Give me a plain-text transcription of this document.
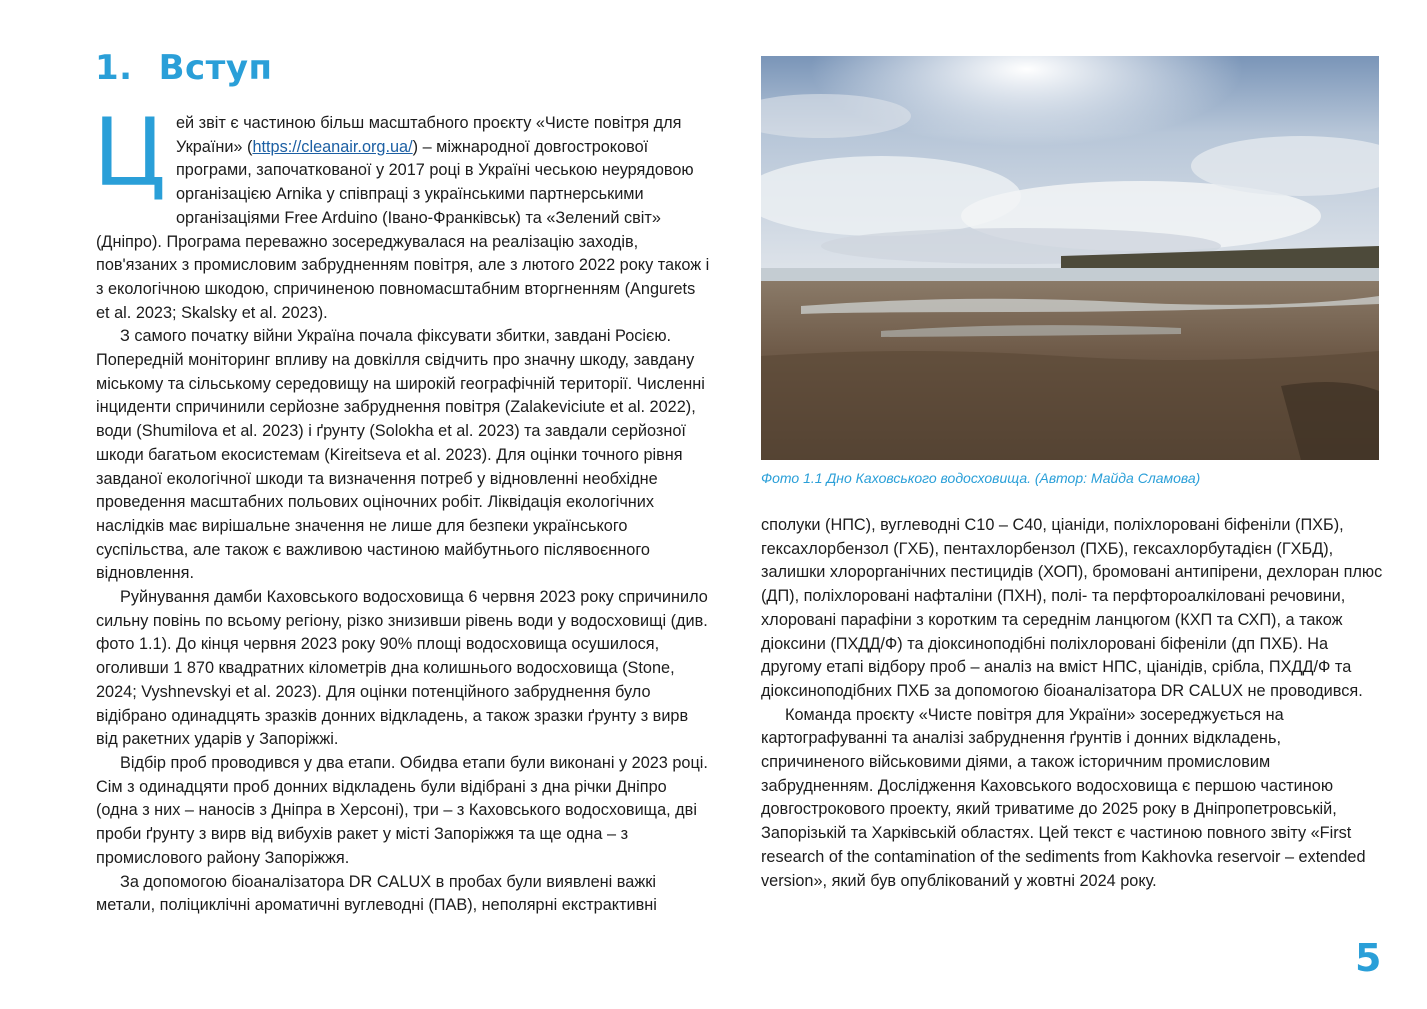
1. Вступ

Цей звіт є частиною більш масштабного проєкту «Чисте повітря для України» (https://cleanair.org.ua/) – міжнародної довгострокової програми, започаткованої у 2017 році в Україні чеською неурядовою організацією Arnika у співпраці з українськими партнерськими організаціями Free Arduino (Івано-Франківськ) та «Зелений світ» (Дніпро). Програма переважно зосереджувалася на реалізацію заходів, пов'язаних з промисловим забрудненням повітря, але з лютого 2022 року також і з екологічною шкодою, спричиненою повномасштабним вторгненням (Angurets et al. 2023; Skalsky et al. 2023).

З самого початку війни Україна почала фіксувати збитки, завдані Росією. Попередній моніторинг впливу на довкілля свідчить про значну шкоду, завдану міському та сільському середовищу на широкій географічній території. Численні інциденти спричинили серйозне забруднення повітря (Zalakeviciute et al. 2022), води (Shumilova et al. 2023) і ґрунту (Solokha et al. 2023) та завдали серйозної шкоди багатьом екосистемам (Kireitseva et al. 2023). Для оцінки точного рівня завданої екологічної шкоди та визначення потреб у відновленні необхідне проведення масштабних польових оціночних робіт. Ліквідація екологічних наслідків має вирішальне значення не лише для безпеки українського суспільства, але також є важливою частиною майбутнього післявоєнного відновлення.

Руйнування дамби Каховського водосховища 6 червня 2023 року спричинило сильну повінь по всьому регіону, різко знизивши рівень води у водосховищі (див. фото 1.1). До кінця червня 2023 року 90% площі водосховища осушилося, оголивши 1 870 квадратних кілометрів дна колишнього водосховища (Stone, 2024; Vyshnevskyi et al. 2023). Для оцінки потенційного забруднення було відібрано одинадцять зразків донних відкладень, а також зразки ґрунту з вирв від ракетних ударів у Запоріжжі.

Відбір проб проводився у два етапи. Обидва етапи були виконані у 2023 році. Сім з одинадцяти проб донних відкладень були відібрані з дна річки Дніпро (одна з них – наносів з Дніпра в Херсоні), три – з Каховського водосховища, дві проби ґрунту з вирв від вибухів ракет у місті Запоріжжя та ще одна – з промислового району Запоріжжя.

За допомогою біоаналізатора DR CALUX в пробах були виявлені важкі метали, поліциклічні ароматичні вуглеводні (ПАВ), неполярні екстрактивні

Фото 1.1 Дно Каховського водосховища. (Автор: Майда Сламова)

сполуки (НПС), вуглеводні С10 – С40, ціаніди, поліхлоровані біфеніли (ПХБ), гексахлорбензол (ГХБ), пентахлорбензол (ПХБ), гексахлорбутадієн (ГХБД), залишки хлорорганічних пестицидів (ХОП), бромовані антипірени, дехлоран плюс (ДП), поліхлоровані нафталіни (ПХН), полі- та перфтороалкіловані речовини, хлоровані парафіни з коротким та середнім ланцюгом (КХП та СХП), а також діоксини (ПХДД/Ф) та діоксиноподібні поліхлоровані біфеніли (дп ПХБ). На другому етапі відбору проб – аналіз на вміст НПС, ціанідів, срібла, ПХДД/Ф та діоксиноподібних ПХБ за допомогою біоаналізатора DR CALUX не проводився.

Команда проєкту «Чисте повітря для України» зосереджується на картографуванні та аналізі забруднення ґрунтів і донних відкладень, спричиненого військовими діями, а також історичним промисловим забрудненням. Дослідження Каховського водосховища є першою частиною довгострокового проекту, який триватиме до 2025 року в Дніпропетровській, Запорізькій та Харківській областях. Цей текст є частиною повного звіту «First research of the contamination of the sediments from Kakhovka reservoir – extended version», який був опублікований у жовтні 2024 року.

5
